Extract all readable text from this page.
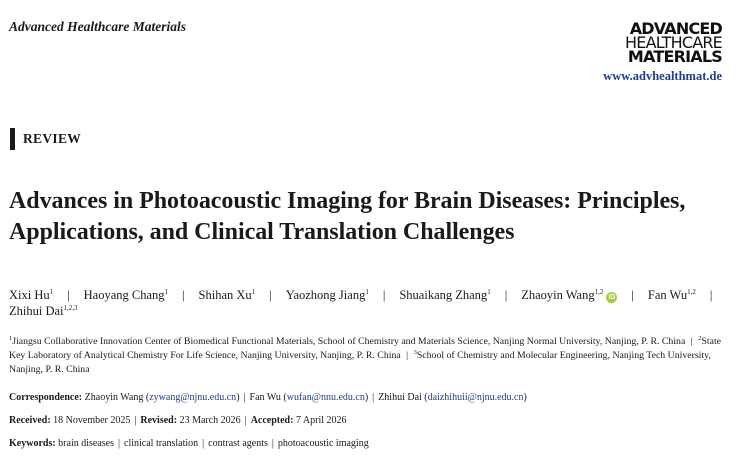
Advanced Healthcare Materials	ADVANCED
HEALTHCARE
MATERIALS
www.advhealthmat.de
REVIEW
Advances in Photoacoustic Imaging for Brain Diseases: Principles, Applications, and Clinical Translation Challenges
Xixi Hu$^1$ | Haoyang Chang$^1$ | Shihan Xu$^1$ | Yaozhong Jiang$^1$ | Shuaikang Zhang$^1$ | Zhaoyin Wang$^{1,2}$iD | Fan Wu$^{1,2}$ |
Zhihui Dai$^{1,2,3}$
$^1$Jiangsu Collaborative Innovation Center of Biomedical Functional Materials, School of Chemistry and Materials Science, Nanjing Normal University, Nanjing, P. R. China | $^2$State Key Laboratory of Analytical Chemistry For Life Science, Nanjing University, Nanjing, P. R. China | $^3$School of Chemistry and Molecular Engineering, Nanjing Tech University, Nanjing, P. R. China
Correspondence: Zhaoyin Wang (zywang@njnu.edu.cn) | Fan Wu (wufan@nnu.edu.cn) | Zhihui Dai (daizhihuii@njnu.edu.cn)
Received: 18 November 2025 | Revised: 23 March 2026 | Accepted: 7 April 2026
Keywords: brain diseases | clinical translation | contrast agents | photoacoustic imaging
